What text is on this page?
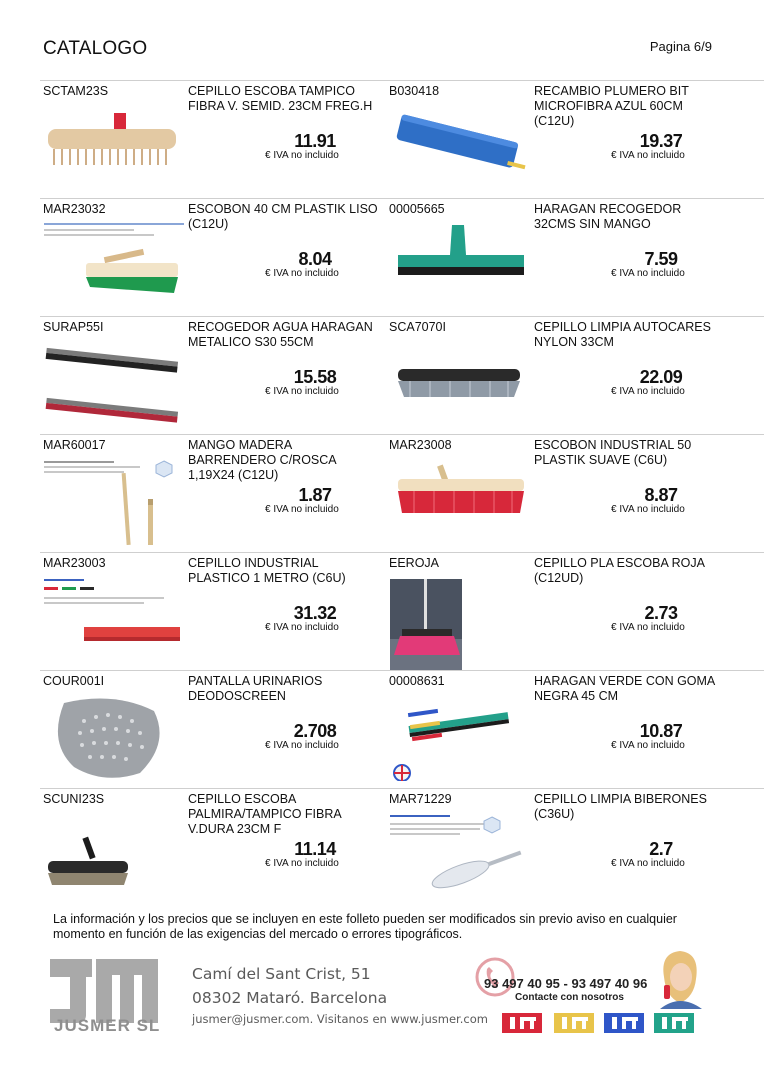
CATALOGO	Pagina 6/9
SCTAM23S	CEPILLO ESCOBA TAMPICO FIBRA V. SEMID. 23CM FREG.H
11.91
€ IVA no incluido
B030418	RECAMBIO PLUMERO BIT MICROFIBRA AZUL 60CM (C12U)
19.37
€ IVA no incluido
MAR23032	ESCOBON 40 CM PLASTIK LISO (C12U)
8.04
€ IVA no incluido
00005665	HARAGAN RECOGEDOR 32CMS SIN MANGO
7.59
€ IVA no incluido
SURAP55I	RECOGEDOR AGUA HARAGAN METALICO S30 55CM
15.58
€ IVA no incluido
SCA7070I	CEPILLO LIMPIA AUTOCARES NYLON 33CM
22.09
€ IVA no incluido
MAR60017	MANGO MADERA BARRENDERO C/ROSCA 1,19X24 (C12U)
1.87
€ IVA no incluido
MAR23008	ESCOBON INDUSTRIAL 50 PLASTIK SUAVE (C6U)
8.87
€ IVA no incluido
MAR23003	CEPILLO INDUSTRIAL PLASTICO 1 METRO (C6U)
31.32
€ IVA no incluido
EEROJA	CEPILLO PLA ESCOBA ROJA (C12UD)
2.73
€ IVA no incluido
COUR001I	PANTALLA URINARIOS DEODOSCREEN
2.708
€ IVA no incluido
00008631	HARAGAN VERDE CON GOMA NEGRA 45 CM
10.87
€ IVA no incluido
SCUNI23S	CEPILLO ESCOBA PALMIRA/TAMPICO FIBRA V.DURA 23CM F
11.14
€ IVA no incluido
MAR71229	CEPILLO LIMPIA BIBERONES (C36U)
2.7
€ IVA no incluido
La información y los precios que se incluyen en este folleto pueden ser modificados sin previo aviso en cualquier momento en función de las exigencias del mercado o errores tipográficos.
JUSMER SL
Camí del Sant Crist, 51
08302 Mataró. Barcelona
jusmer@jusmer.com. Visitanos en www.jusmer.com
93 497 40 95 - 93 497 40 96
Contacte con nosotros
